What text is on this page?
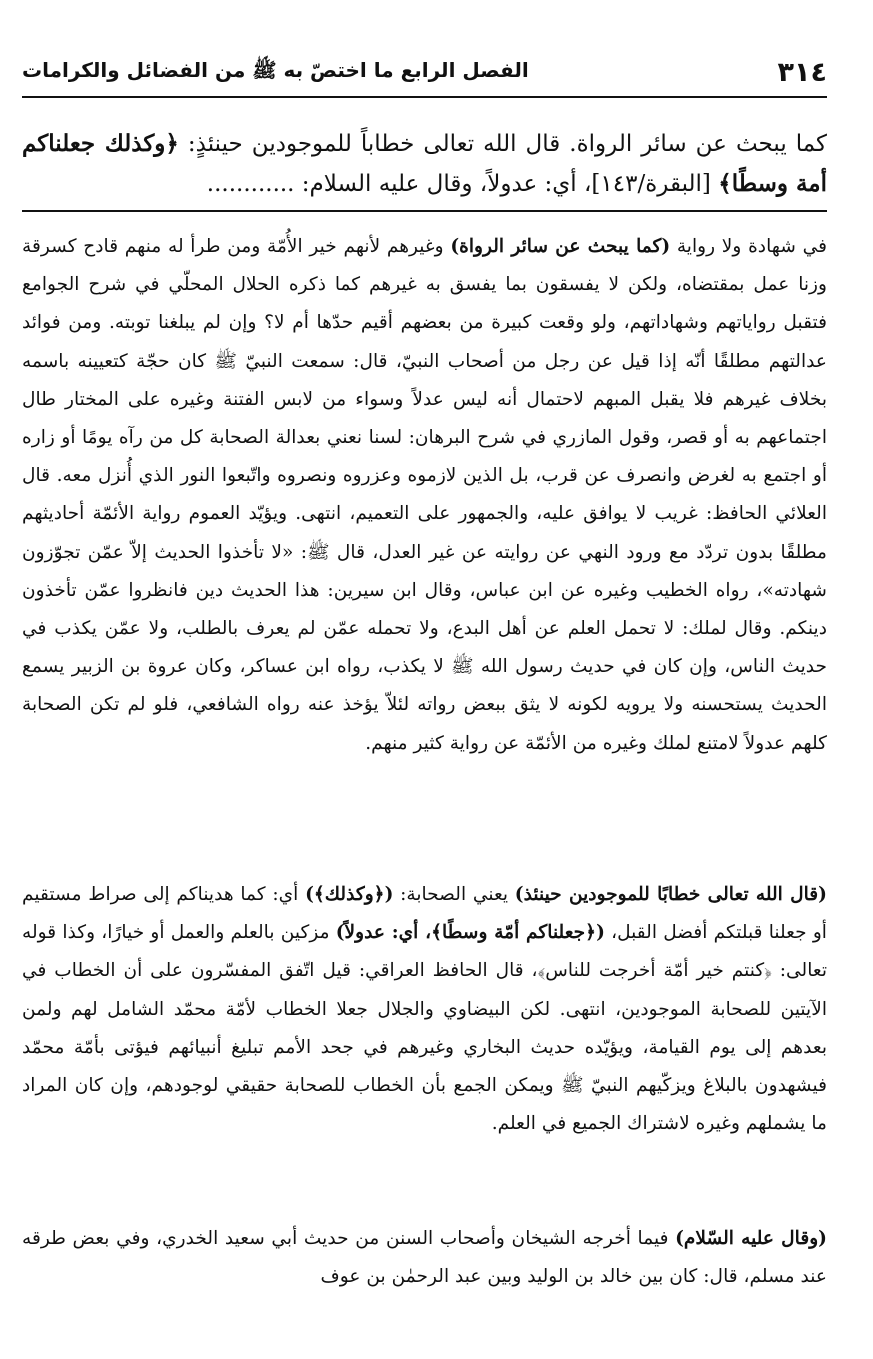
٣١٤
الفصل الرابع ما اختصّ به ﷺ من الفضائل والكرامات

كما يبحث عن سائر الرواة. قال الله تعالى خطاباً للموجودين حينئذٍ: ﴿وكذلك جعلناكم أمة وسطًا﴾ [البقرة/١٤٣]، أي: عدولاً، وقال عليه السلام: ............

في شهادة ولا رواية (كما يبحث عن سائر الرواة) وغيرهم لأنهم خير الأُمّة ومن طرأ له منهم قادح كسرقة وزنا عمل بمقتضاه، ولكن لا يفسقون بما يفسق به غيرهم كما ذكره الحلال المحلّي في شرح الجوامع فتقبل رواياتهم وشهاداتهم، ولو وقعت كبيرة من بعضهم أقيم حدّها أم لا؟ وإن لم يبلغنا توبته. ومن فوائد عدالتهم مطلقًا أنّه إذا قيل عن رجل من أصحاب النبيّ، قال: سمعت النبيّ ﷺ كان حجّة كتعيينه باسمه بخلاف غيرهم فلا يقبل المبهم لاحتمال أنه ليس عدلاً وسواء من لابس الفتنة وغيره على المختار طال اجتماعهم به أو قصر، وقول المازري في شرح البرهان: لسنا نعني بعدالة الصحابة كل من رآه يومًا أو زاره أو اجتمع به لغرض وانصرف عن قرب، بل الذين لازموه وعزروه ونصروه واتّبعوا النور الذي أُنزل معه. قال العلائي الحافظ: غريب لا يوافق عليه، والجمهور على التعميم، انتهى. ويؤيّد العموم رواية الأئمّة أحاديثهم مطلقًا بدون تردّد مع ورود النهي عن روايته عن غير العدل، قال ﷺ: «لا تأخذوا الحديث إلاّ عمّن تجوّزون شهادته»، رواه الخطيب وغيره عن ابن عباس، وقال ابن سيرين: هذا الحديث دين فانظروا عمّن تأخذون دينكم. وقال لملك: لا تحمل العلم عن أهل البدع، ولا تحمله عمّن لم يعرف بالطلب، ولا عمّن يكذب في حديث الناس، وإن كان في حديث رسول الله ﷺ لا يكذب، رواه ابن عساكر، وكان عروة بن الزبير يسمع الحديث يستحسنه ولا يرويه لكونه لا يثق ببعض رواته لئلاّ يؤخذ عنه رواه الشافعي، فلو لم تكن الصحابة كلهم عدولاً لامتنع لملك وغيره من الأئمّة عن رواية كثير منهم.

(قال الله تعالى خطابًا للموجودين حينئذ) يعني الصحابة: (﴿وكذلك﴾) أي: كما هديناكم إلى صراط مستقيم أو جعلنا قبلتكم أفضل القبل، (﴿جعلناكم أمّة وسطًا﴾، أي: عدولاً) مزكين بالعلم والعمل أو خيارًا، وكذا قوله تعالى: ﴿كنتم خير أمّة أخرجت للناس﴾، قال الحافظ العراقي: قيل اتّفق المفسّرون على أن الخطاب في الآيتين للصحابة الموجودين، انتهى. لكن البيضاوي والجلال جعلا الخطاب لأمّة محمّد الشامل لهم ولمن بعدهم إلى يوم القيامة، ويؤيّده حديث البخاري وغيرهم في جحد الأمم تبليغ أنبيائهم فيؤتى بأمّة محمّد فيشهدون بالبلاغ ويزكّيهم النبيّ ﷺ ويمكن الجمع بأن الخطاب للصحابة حقيقي لوجودهم، وإن كان المراد ما يشملهم وغيره لاشتراك الجميع في العلم.

(وقال عليه السّلام) فيما أخرجه الشيخان وأصحاب السنن من حديث أبي سعيد الخدري، وفي بعض طرقه عند مسلم، قال: كان بين خالد بن الوليد وبين عبد الرحمٰن بن عوف
